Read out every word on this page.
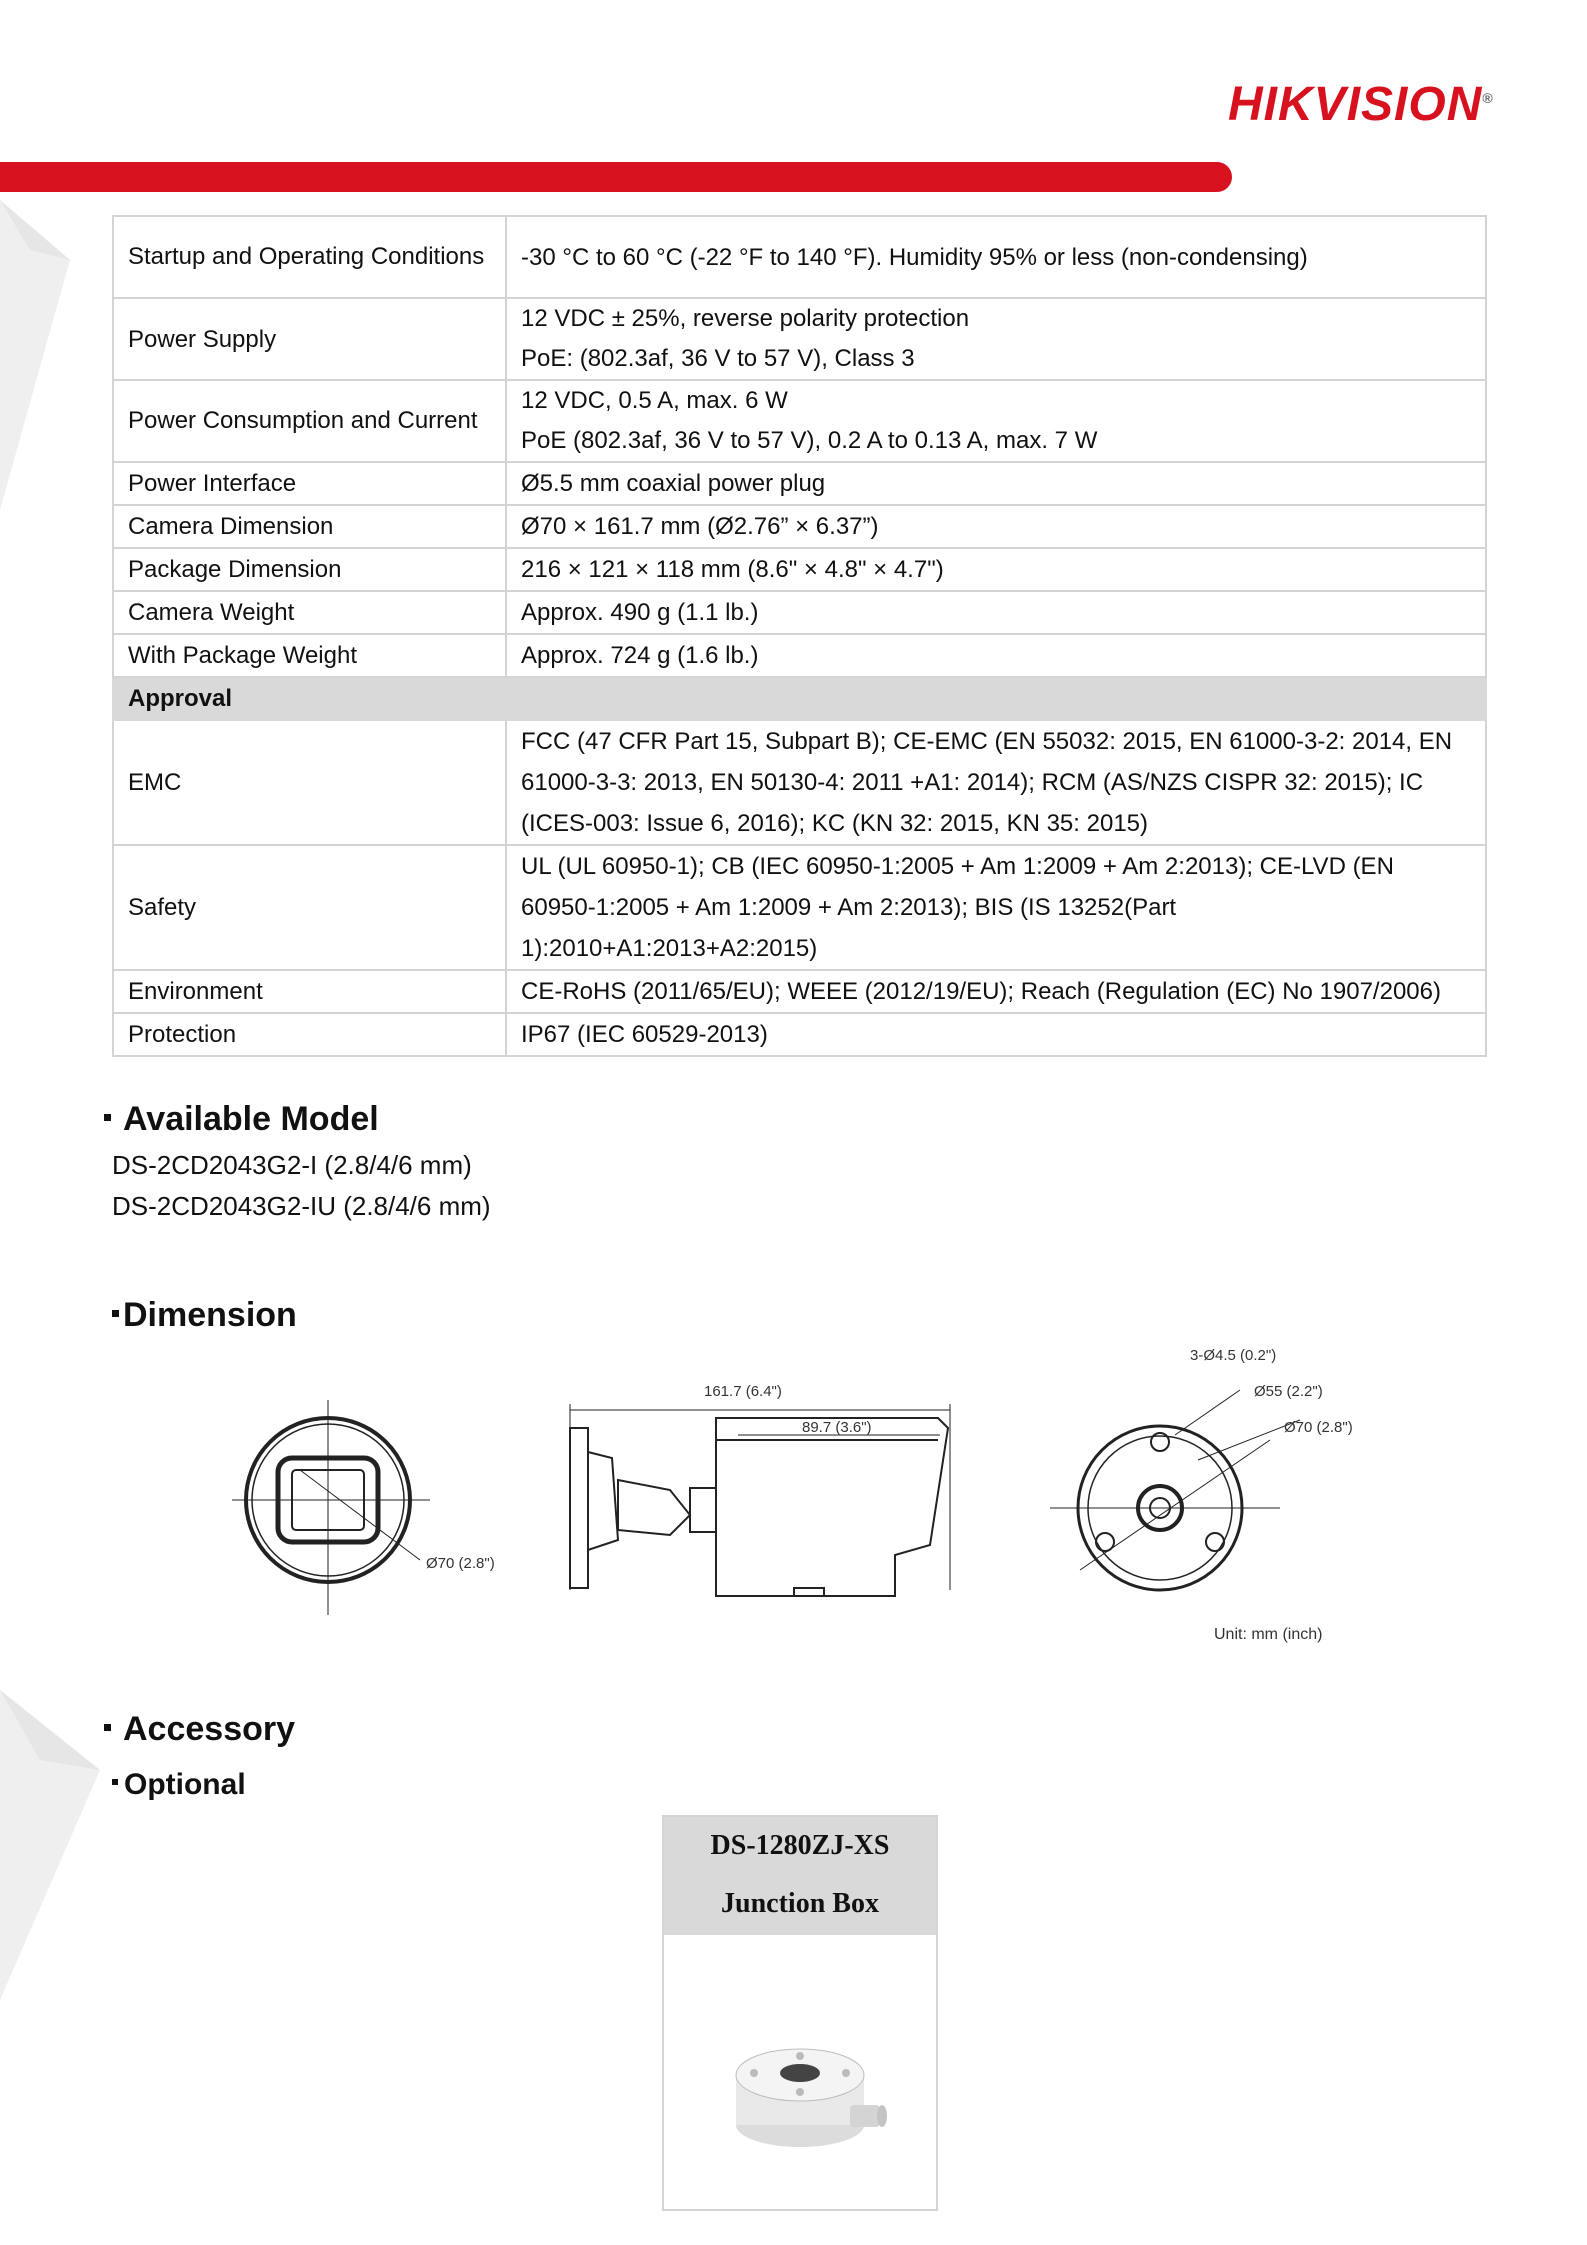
HIKVISION®
Startup and Operating Conditions	-30 °C to 60 °C (-22 °F to 140 °F). Humidity 95% or less (non-condensing)
Power Supply	12 VDC ± 25%, reverse polarity protection
PoE: (802.3af, 36 V to 57 V), Class 3

Power Consumption and Current	12 VDC, 0.5 A, max. 6 W
PoE (802.3af, 36 V to 57 V), 0.2 A to 0.13 A, max. 7 W

Power Interface	Ø5.5 mm coaxial power plug
Camera Dimension	Ø70 × 161.7 mm (Ø2.76” × 6.37”)
Package Dimension	216 × 121 × 118 mm (8.6" × 4.8" × 4.7")
Camera Weight	Approx. 490 g (1.1 lb.)
With Package Weight	Approx. 724 g (1.6 lb.)
Approval	
EMC	FCC (47 CFR Part 15, Subpart B); CE-EMC (EN 55032: 2015, EN 61000-3-2: 2014, EN 61000-3-3: 2013, EN 50130-4: 2011 +A1: 2014); RCM (AS/NZS CISPR 32: 2015); IC (ICES-003: Issue 6, 2016); KC (KN 32: 2015, KN 35: 2015)
Safety	UL (UL 60950-1); CB (IEC 60950-1:2005 + Am 1:2009 + Am 2:2013); CE-LVD (EN 60950-1:2005 + Am 1:2009 + Am 2:2013); BIS (IS 13252(Part 1):2010+A1:2013+A2:2015)
Environment	CE-RoHS (2011/65/EU); WEEE (2012/19/EU); Reach (Regulation (EC) No 1907/2006)
Protection	IP67 (IEC 60529-2013)
Available Model
DS-2CD2043G2-I (2.8/4/6 mm)
DS-2CD2043G2-IU (2.8/4/6 mm)
Dimension
Ø70 (2.8")
161.7 (6.4")
89.7 (3.6")
3-Ø4.5 (0.2")
Ø55 (2.2")
Ø70 (2.8")
Unit: mm (inch)
Accessory
Optional
DS-1280ZJ-XS
Junction Box
